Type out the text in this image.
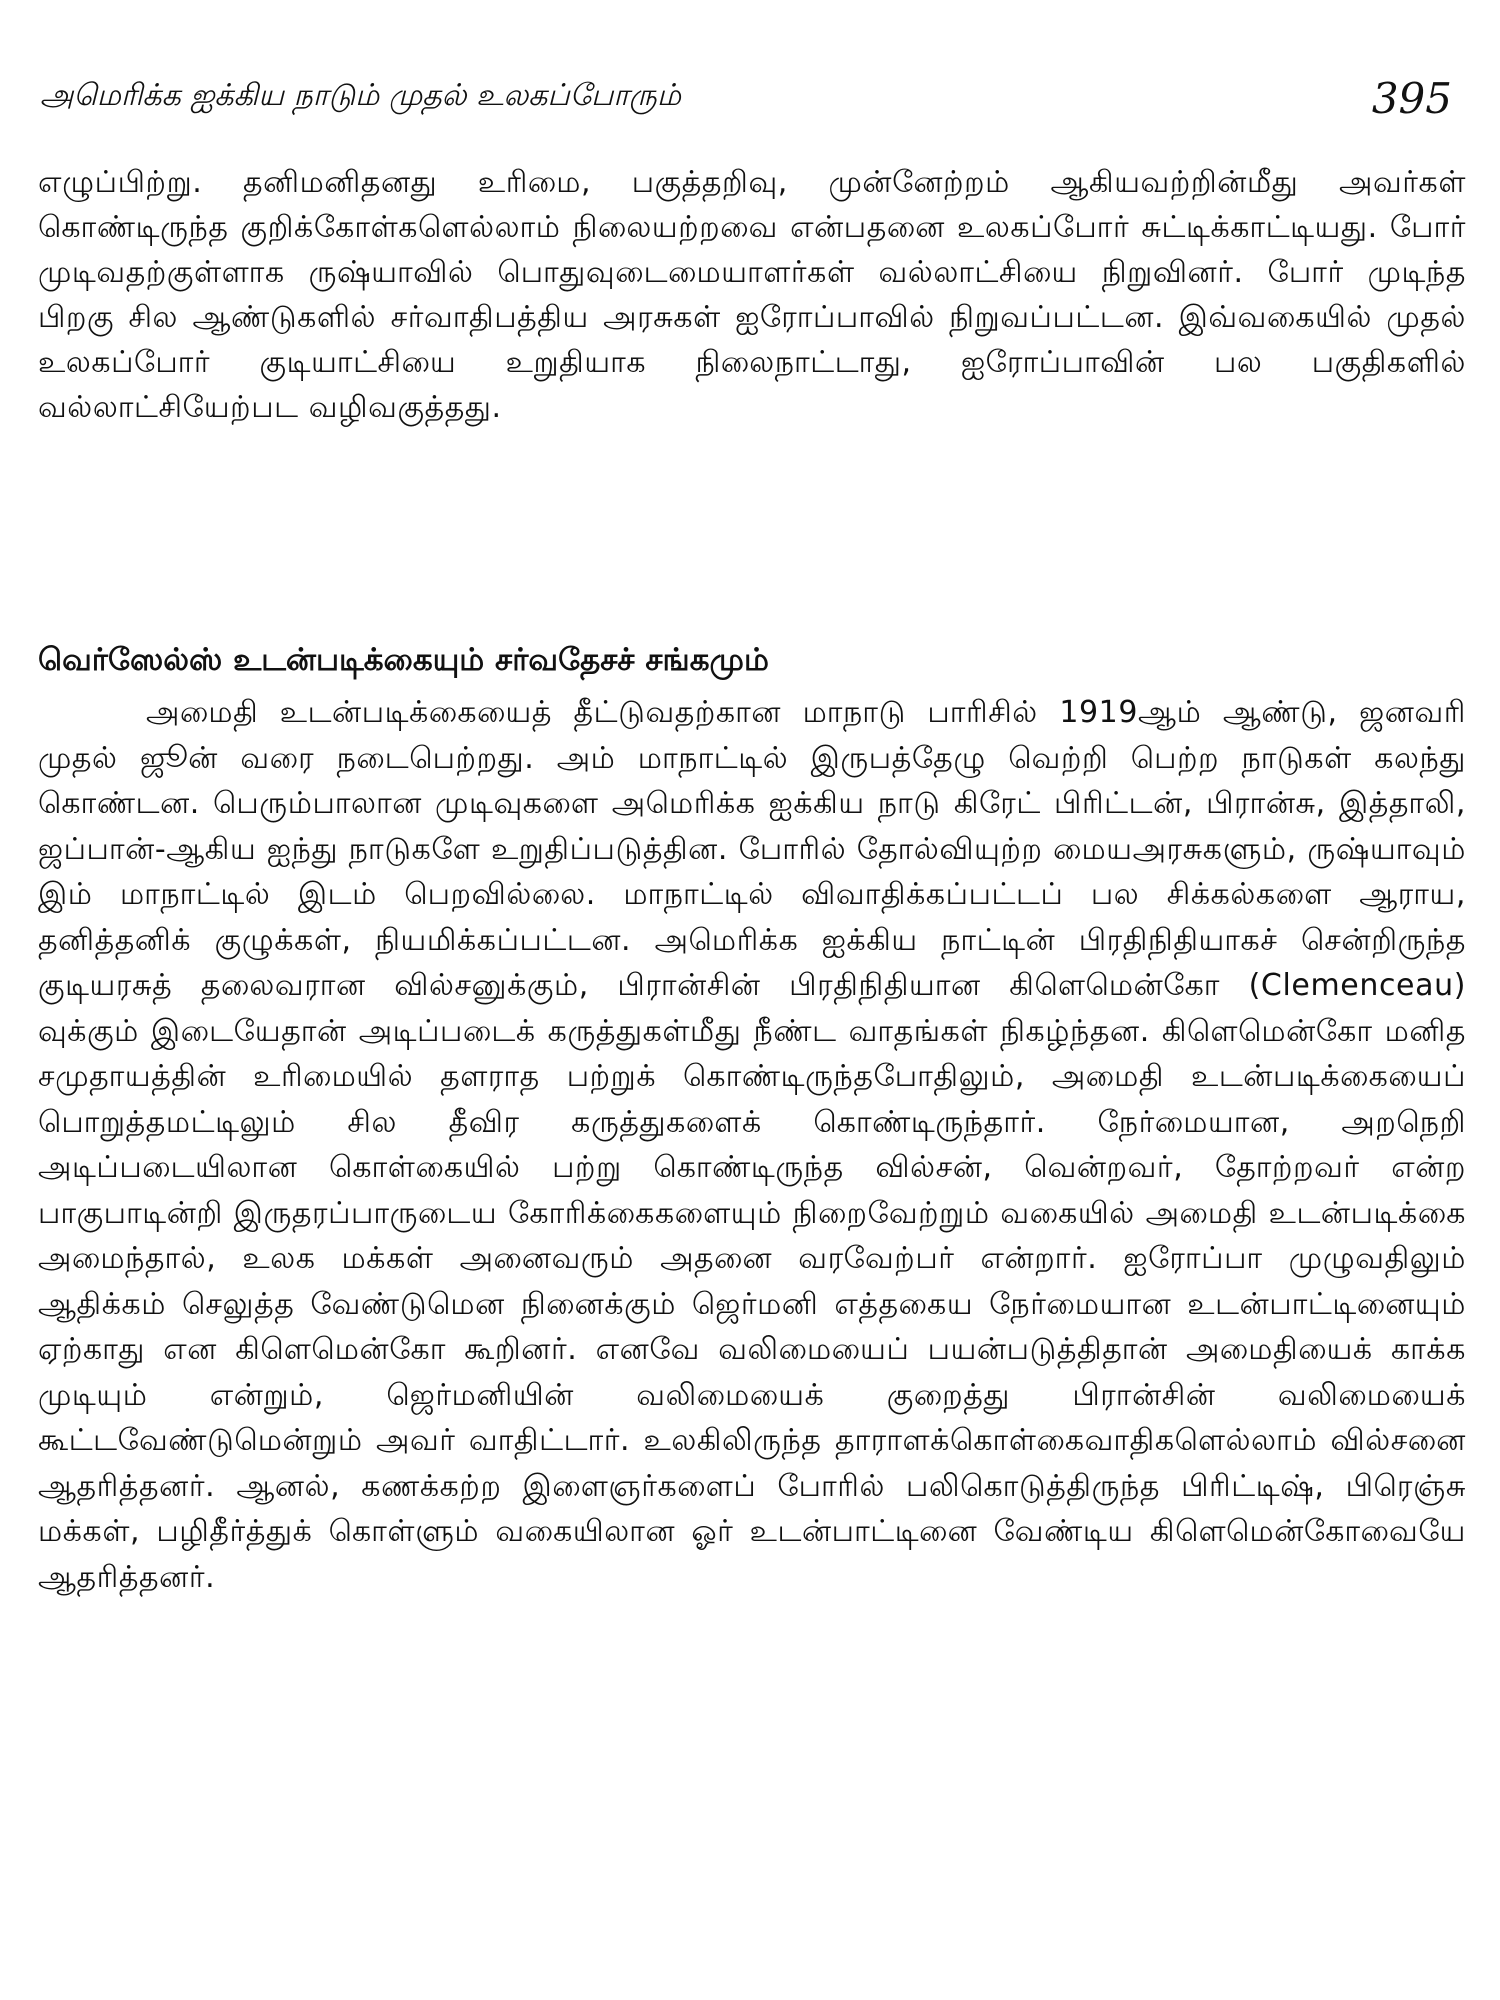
அமெரிக்க ஐக்கிய நாடும் முதல் உலகப்போரும்	395

எழுப்பிற்று. தனிமனிதனது உரிமை, பகுத்தறிவு, முன்னேற்றம் ஆகியவற்றின்மீது அவர்கள் கொண்டிருந்த குறிக்கோள்களெல்லாம் நிலையற்றவை என்பதனை உலகப்போர் சுட்டிக்காட்டியது. போர் முடிவதற்குள்ளாக ருஷ்யாவில் பொதுவுடைமையாளர்கள் வல்லாட்சியை நிறுவினர். போர் முடிந்த பிறகு சில ஆண்டுகளில் சர்வாதிபத்திய அரசுகள் ஐரோப்பாவில் நிறுவப்பட்டன. இவ்வகையில் முதல் உலகப்போர் குடியாட்சியை உறுதியாக நிலைநாட்டாது, ஐரோப்பாவின் பல பகுதிகளில் வல்லாட்சியேற்பட வழிவகுத்தது.

வெர்ஸேல்ஸ் உடன்படிக்கையும் சர்வதேசச் சங்கமும்

அமைதி உடன்படிக்கையைத் தீட்டுவதற்கான மாநாடு பாரிசில் 1919ஆம் ஆண்டு, ஜனவரி முதல் ஜூன் வரை நடைபெற்றது. அம் மாநாட்டில் இருபத்தேழு வெற்றி பெற்ற நாடுகள் கலந்து கொண்டன. பெரும்பாலான முடிவுகளை அமெரிக்க ஐக்கிய நாடு கிரேட் பிரிட்டன், பிரான்சு, இத்தாலி, ஜப்பான்-ஆகிய ஐந்து நாடுகளே உறுதிப்படுத்தின. போரில் தோல்வியுற்ற மையஅரசுகளும், ருஷ்யாவும் இம் மாநாட்டில் இடம் பெறவில்லை. மாநாட்டில் விவாதிக்கப்பட்டப் பல சிக்கல்களை ஆராய, தனித்தனிக் குழுக்கள், நியமிக்கப்பட்டன. அமெரிக்க ஐக்கிய நாட்டின் பிரதிநிதியாகச் சென்றிருந்த குடியரசுத் தலைவரான வில்சனுக்கும், பிரான்சின் பிரதிநிதியான கிளெமென்கோ (Clemenceau) வுக்கும் இடையேதான் அடிப்படைக் கருத்துகள்மீது நீண்ட வாதங்கள் நிகழ்ந்தன. கிளெமென்கோ மனித சமுதாயத்தின் உரிமையில் தளராத பற்றுக் கொண்டிருந்தபோதிலும், அமைதி உடன்படிக்கையைப் பொறுத்தமட்டிலும் சில தீவிர கருத்துகளைக் கொண்டிருந்தார். நேர்மையான, அறநெறி அடிப்படையிலான கொள்கையில் பற்று கொண்டிருந்த வில்சன், வென்றவர், தோற்றவர் என்ற பாகுபாடின்றி இருதரப்பாருடைய கோரிக்கைகளையும் நிறைவேற்றும் வகையில் அமைதி உடன்படிக்கை அமைந்தால், உலக மக்கள் அனைவரும் அதனை வரவேற்பர் என்றார். ஐரோப்பா முழுவதிலும் ஆதிக்கம் செலுத்த வேண்டுமென நினைக்கும் ஜெர்மனி எத்தகைய நேர்மையான உடன்பாட்டினையும் ஏற்காது என கிளெமென்கோ கூறினர். எனவே வலிமையைப் பயன்படுத்திதான் அமைதியைக் காக்க முடியும் என்றும், ஜெர்மனியின் வலிமையைக் குறைத்து பிரான்சின் வலிமையைக் கூட்டவேண்டுமென்றும் அவர் வாதிட்டார். உலகிலிருந்த தாராளக்கொள்கைவாதிகளெல்லாம் வில்சனை ஆதரித்தனர். ஆனல், கணக்கற்ற இளைஞர்களைப் போரில் பலிகொடுத்திருந்த பிரிட்டிஷ், பிரெஞ்சு மக்கள், பழிதீர்த்துக் கொள்ளும் வகையிலான ஓர் உடன்பாட்டினை வேண்டிய கிளெமென்கோவையே ஆதரித்தனர்.
